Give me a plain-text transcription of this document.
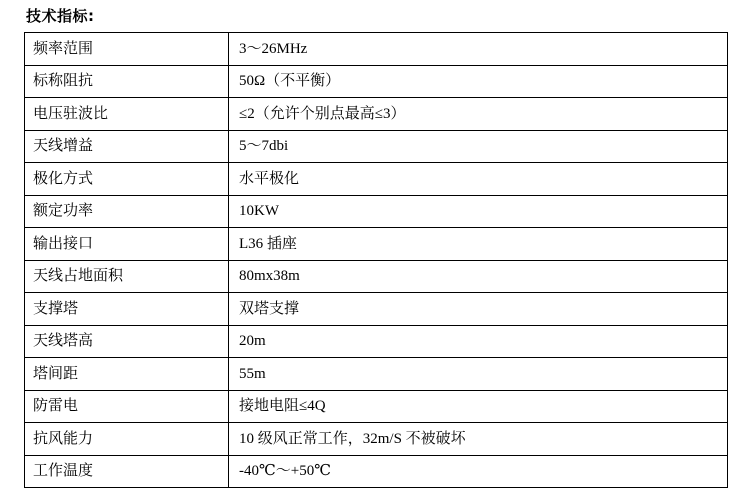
技术指标:
频率范围	3～26MHz
标称阻抗	50Ω（不平衡）
电压驻波比	≤2（允许个别点最高≤3）
天线增益	5～7dbi
极化方式	水平极化
额定功率	10KW
输出接口	L36 插座
天线占地面积	80mx38m
支撑塔	双塔支撑
天线塔高	20m
塔间距	55m
防雷电	接地电阻≤4Q
抗风能力	10 级风正常工作，32m/S 不被破坏
工作温度	-40℃～+50℃
